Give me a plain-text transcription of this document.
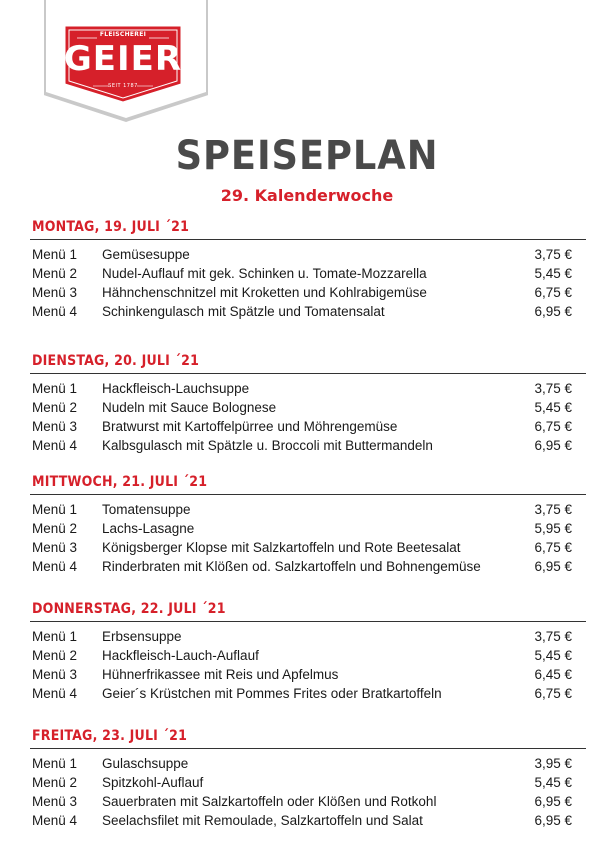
FLEISCHEREI
GEIER
SEIT 1787
SPEISEPLAN
29. Kalenderwoche
MONTAG, 19. JULI ´21
Menü 1	Gemüsesuppe	3,75 €
Menü 2	Nudel-Auflauf mit gek. Schinken u. Tomate-Mozzarella	5,45 €
Menü 3	Hähnchenschnitzel mit Kroketten und Kohlrabigemüse	6,75 €
Menü 4	Schinkengulasch mit Spätzle und Tomatensalat	6,95 €
DIENSTAG, 20. JULI ´21
Menü 1	Hackfleisch-Lauchsuppe	3,75 €
Menü 2	Nudeln mit Sauce Bolognese	5,45 €
Menü 3	Bratwurst mit Kartoffelpürree und Möhrengemüse	6,75 €
Menü 4	Kalbsgulasch mit Spätzle u. Broccoli mit Buttermandeln	6,95 €
MITTWOCH, 21. JULI ´21
Menü 1	Tomatensuppe	3,75 €
Menü 2	Lachs-Lasagne	5,95 €
Menü 3	Königsberger Klopse mit Salzkartoffeln und Rote Beetesalat	6,75 €
Menü 4	Rinderbraten mit Klößen od. Salzkartoffeln und Bohnengemüse	6,95 €
DONNERSTAG, 22. JULI ´21
Menü 1	Erbsensuppe	3,75 €
Menü 2	Hackfleisch-Lauch-Auflauf	5,45 €
Menü 3	Hühnerfrikassee mit Reis und Apfelmus	6,45 €
Menü 4	Geier´s Krüstchen mit Pommes Frites oder Bratkartoffeln	6,75 €
FREITAG, 23. JULI ´21
Menü 1	Gulaschsuppe	3,95 €
Menü 2	Spitzkohl-Auflauf	5,45 €
Menü 3	Sauerbraten mit Salzkartoffeln oder Klößen und Rotkohl	6,95 €
Menü 4	Seelachsfilet mit Remoulade, Salzkartoffeln und Salat	6,95 €
